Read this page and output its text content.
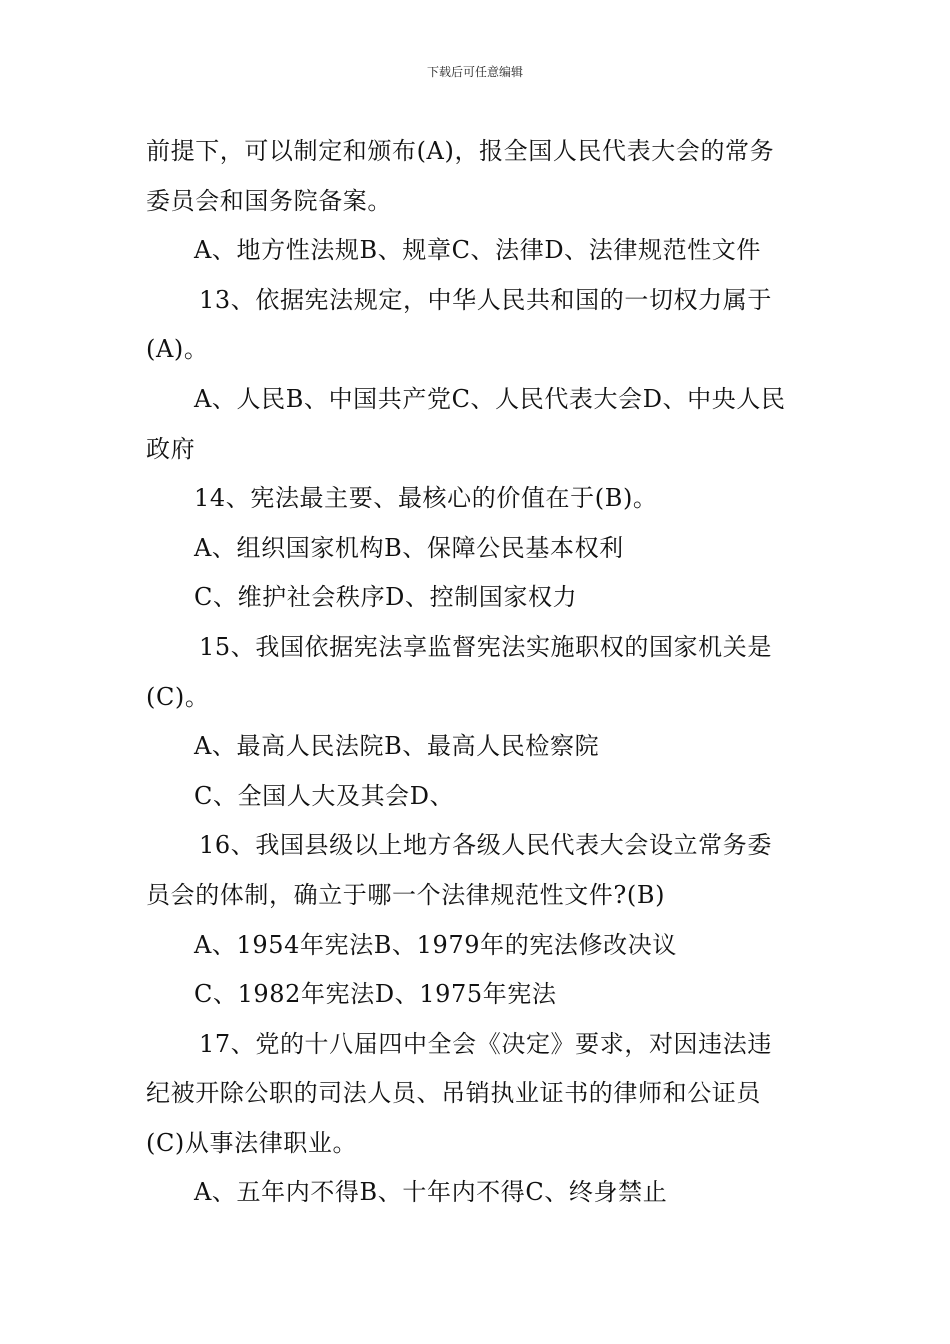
下载后可任意编辑
前提下，可以制定和颁布(A)，报全国人民代表大会的常务
委员会和国务院备案。
A、地方性法规B、规章C、法律D、法律规范性文件
13、依据宪法规定，中华人民共和国的一切权力属于
(A)。
A、人民B、中国共产党C、人民代表大会D、中央人民
政府
14、宪法最主要、最核心的价值在于(B)。
A、组织国家机构B、保障公民基本权利
C、维护社会秩序D、控制国家权力
15、我国依据宪法享监督宪法实施职权的国家机关是
(C)。
A、最高人民法院B、最高人民检察院
C、全国人大及其会D、
16、我国县级以上地方各级人民代表大会设立常务委
员会的体制，确立于哪一个法律规范性文件?(B)
A、1954年宪法B、1979年的宪法修改决议
C、1982年宪法D、1975年宪法
17、党的十八届四中全会《决定》要求，对因违法违
纪被开除公职的司法人员、吊销执业证书的律师和公证员
(C)从事法律职业。
A、五年内不得B、十年内不得C、终身禁止
